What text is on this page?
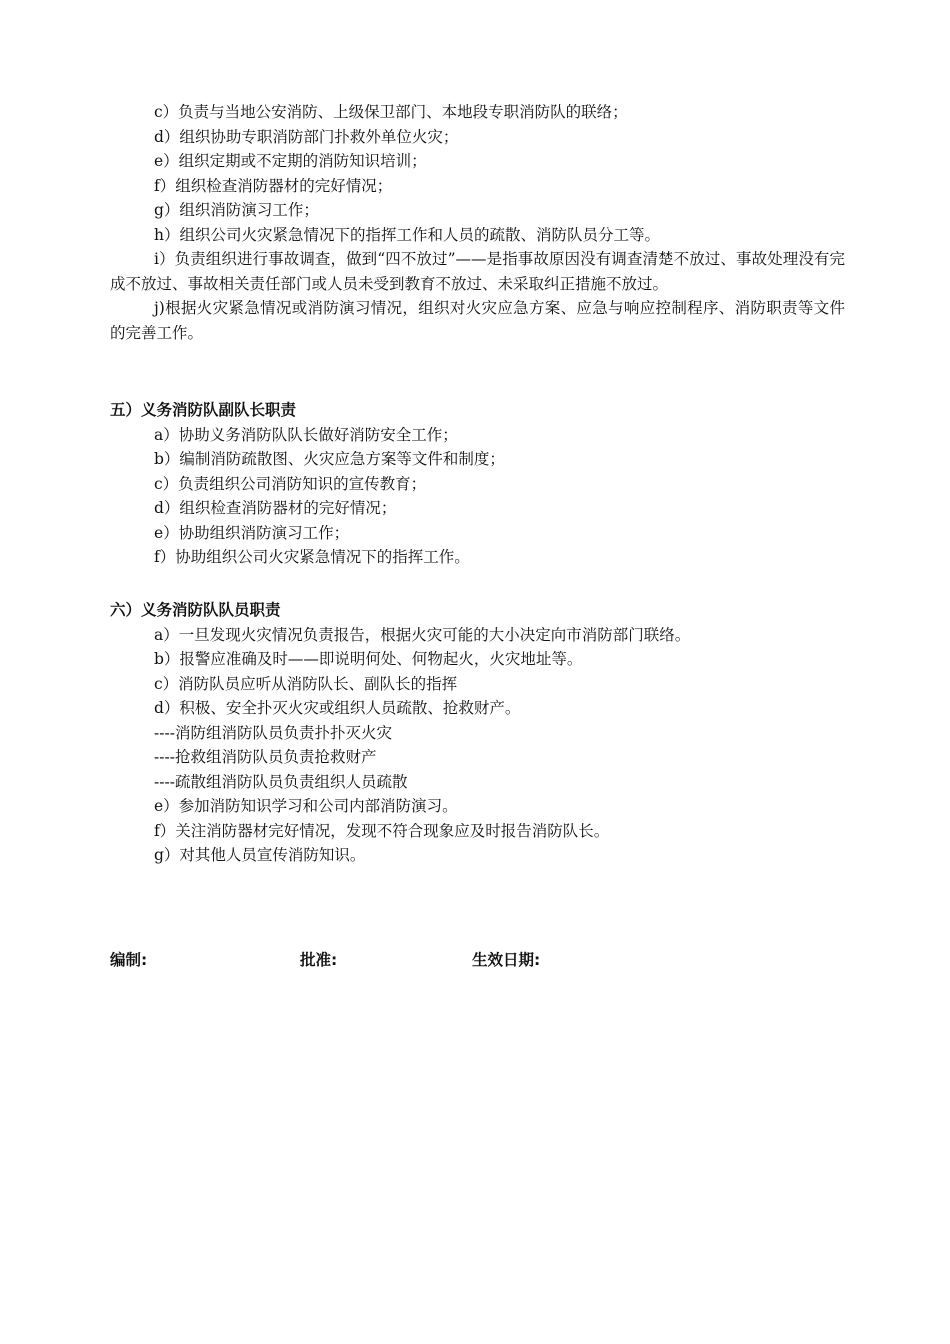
c）负责与当地公安消防、上级保卫部门、本地段专职消防队的联络；
d）组织协助专职消防部门扑救外单位火灾；
e）组织定期或不定期的消防知识培训；
f）组织检查消防器材的完好情况；
g）组织消防演习工作；
h）组织公司火灾紧急情况下的指挥工作和人员的疏散、消防队员分工等。
i）负责组织进行事故调查，做到“四不放过”——是指事故原因没有调查清楚不放过、事故处理没有完成不放过、事故相关责任部门或人员未受到教育不放过、未采取纠正措施不放过。
j)根据火灾紧急情况或消防演习情况，组织对火灾应急方案、应急与响应控制程序、消防职责等文件的完善工作。
五）义务消防队副队长职责
a）协助义务消防队队长做好消防安全工作；
b）编制消防疏散图、火灾应急方案等文件和制度；
c）负责组织公司消防知识的宣传教育；
d）组织检查消防器材的完好情况；
e）协助组织消防演习工作；
f）协助组织公司火灾紧急情况下的指挥工作。
六）义务消防队队员职责
a）一旦发现火灾情况负责报告，根据火灾可能的大小决定向市消防部门联络。
b）报警应准确及时——即说明何处、何物起火，火灾地址等。
c）消防队员应听从消防队长、副队长的指挥
d）积极、安全扑灭火灾或组织人员疏散、抢救财产。
----消防组消防队员负责扑扑灭火灾
----抢救组消防队员负责抢救财产
----疏散组消防队员负责组织人员疏散
e）参加消防知识学习和公司内部消防演习。
f）关注消防器材完好情况，发现不符合现象应及时报告消防队长。
g）对其他人员宣传消防知识。
编制:	批准:	生效日期:
